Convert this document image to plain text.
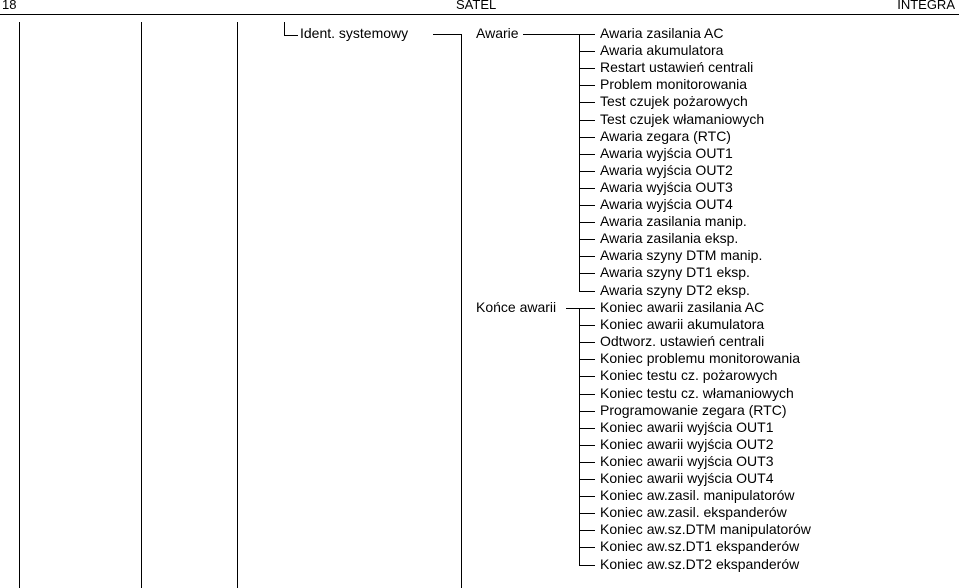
18	SATEL	INTEGRA
Ident. systemowy	Awarie
Końce awarii
Awaria zasilania AC
Awaria akumulatora
Restart ustawień centrali
Problem monitorowania
Test czujek pożarowych
Test czujek włamaniowych
Awaria zegara (RTC)
Awaria wyjścia OUT1
Awaria wyjścia OUT2
Awaria wyjścia OUT3
Awaria wyjścia OUT4
Awaria zasilania manip.
Awaria zasilania eksp.
Awaria szyny DTM manip.
Awaria szyny DT1 eksp.
Awaria szyny DT2 eksp.
Koniec awarii zasilania AC
Koniec awarii akumulatora
Odtworz. ustawień centrali
Koniec problemu monitorowania
Koniec testu cz. pożarowych
Koniec testu cz. włamaniowych
Programowanie zegara (RTC)
Koniec awarii wyjścia OUT1
Koniec awarii wyjścia OUT2
Koniec awarii wyjścia OUT3
Koniec awarii wyjścia OUT4
Koniec aw.zasil. manipulatorów
Koniec aw.zasil. ekspanderów
Koniec aw.sz.DTM manipulatorów
Koniec aw.sz.DT1 ekspanderów
Koniec aw.sz.DT2 ekspanderów
